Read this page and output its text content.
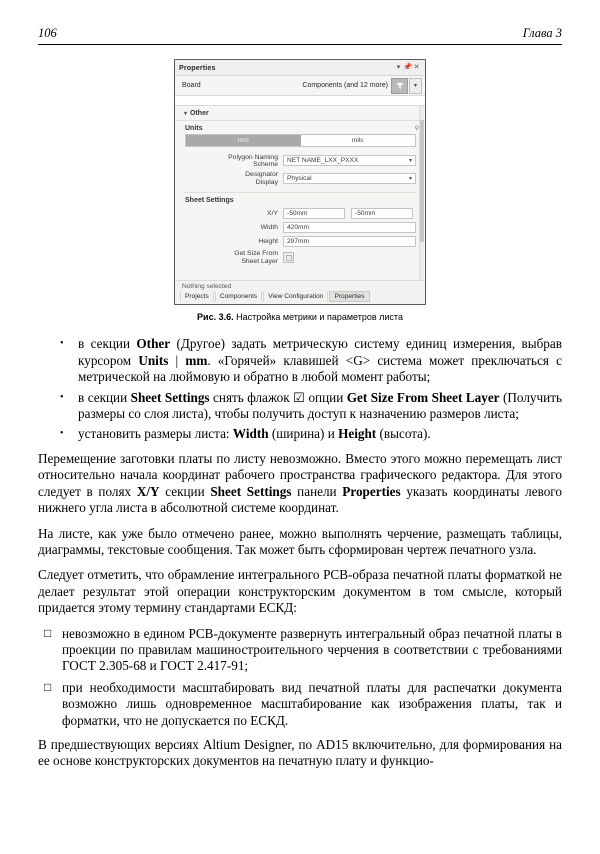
106	Глава 3
Properties	▾ 📌 ✕
Board	Components (and 12 more)	▾
▾ Other
Units	⚲
mm	mils
Polygon Naming
Scheme NET NAME_LXX_PXXX	▾
Designator
Display Physical	▾
Sheet Settings
X/Y -50mm	-50mm
Width 420mm
Height 297mm
Get Size From
Sheet Layer
Nothing selected
Projects	Components	View Configuration	Properties
Рис. 3.6. Настройка метрики и параметров листа
• в секции Other (Другое) задать метрическую систему единиц измерения, выбрав курсором Units | mm. «Горячей» клавишей <G> система может преключаться с метрической на люймовую и обратно в любой момент работы;
• в секции Sheet Settings снять флажок ☑ опции Get Size From Sheet Layer (Получить размеры со слоя листа), чтобы получить доступ к назначению размеров листа;
• установить размеры листа: Width (ширина) и Height (высота).

Перемещение заготовки платы по листу невозможно. Вместо этого можно перемещать лист относительно начала координат рабочего пространства графического редактора. Для этого следует в полях X/Y секции Sheet Settings панели Properties указать координаты левого нижнего угла листа в абсолютной системе координат.

На листе, как уже было отмечено ранее, можно выполнять черчение, размещать таблицы, диаграммы, текстовые сообщения. Так может быть сформирован чертеж печатного узла.

Следует отметить, что обрамление интегрального PCB-образа печатной платы форматкой не делает результат этой операции конструкторским документом в том смысле, который придается этому термину стандартами ЕСКД:

□ невозможно в едином PCB-документе развернуть интегральный образ печатной платы в проекции по правилам машиностроительного черчения в соответствии с требованиями ГОСТ 2.305-68 и ГОСТ 2.417-91;
□ при необходимости масштабировать вид печатной платы для распечатки документа возможно лишь одновременное масштабирование как изображения платы, так и форматки, что не допускается по ЕСКД.

В предшествующих версиях Altium Designer, по AD15 включительно, для формирования на ее основе конструкторских документов на печатную плату и функцио-
